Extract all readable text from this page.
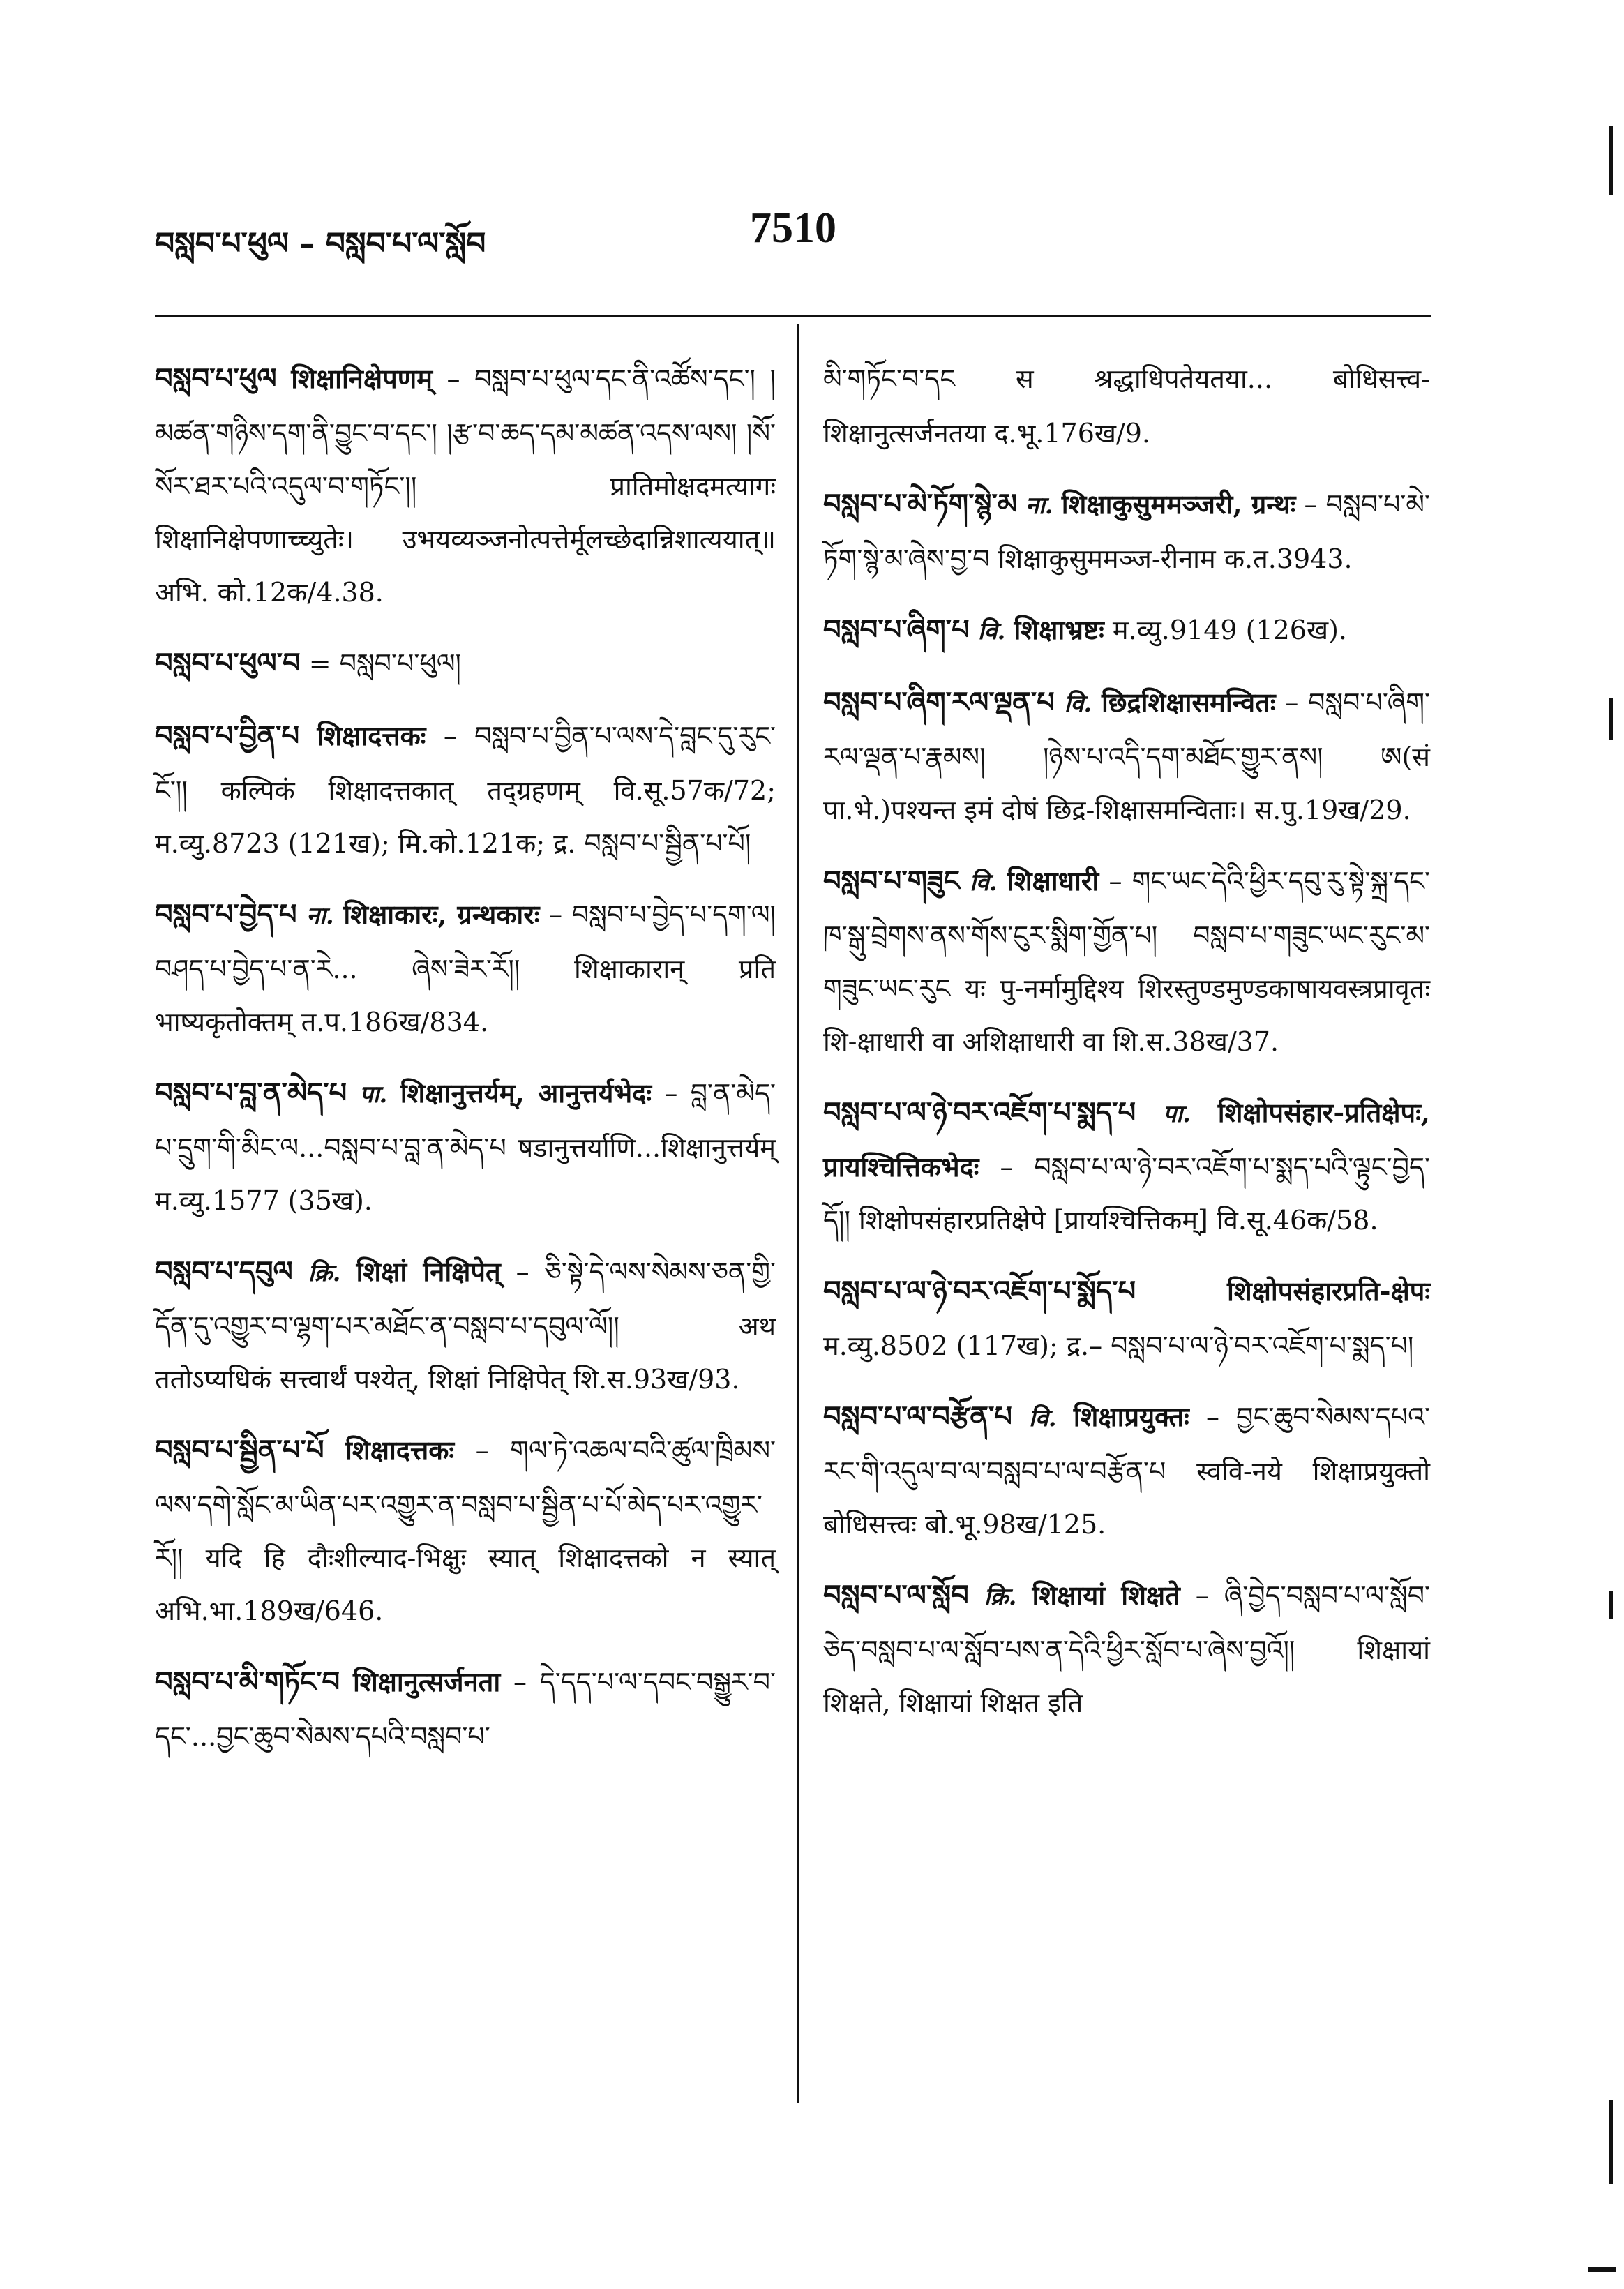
བསླབ་པ་ཕུལ – བསླབ་པ་ལ་སློབ	7510

བསླབ་པ་ཕུལ शिक्षानिक्षेपणम् – བསླབ་པ་ཕུལ་དང་ནི་འཚོས་དང་། །མཚན་གཉིས་དག་ནི་བྱུང་བ་དང་། །རྩ་བ་ཆད་དམ་མཚན་འདས་ལས། །སོ་སོར་ཐར་པའི་འདུལ་བ་གཏོང་།། प्रातिमोक्षदमत्यागः शिक्षानिक्षेपणाच्च्युतेः। उभयव्यञ्जनोत्पत्तेर्मूलच्छेदान्निशात्ययात्॥ अभि. को.12क/4.38.

བསླབ་པ་ཕུལ་བ = བསླབ་པ་ཕུལ།

བསླབ་པ་བྱིན་པ शिक्षादत्तकः – བསླབ་པ་བྱིན་པ་ལས་དེ་བླང་དུ་རུང་ངོ་།། कल्पिकं शिक्षादत्तकात् तद्ग्रहणम् वि.सू.57क/72; म.व्यु.8723 (121ख); मि.को.121क; द्र. བསླབ་པ་སྦྱིན་པ་པོ།

བསླབ་པ་བྱེད་པ ना. शिक्षाकारः, ग्रन्थकारः – བསླབ་པ་བྱེད་པ་དག་ལ། བཤད་པ་བྱེད་པ་ན་རེ... ཞེས་ཟེར་རོ།། शिक्षाकारान् प्रति भाष्यकृतोक्तम् त.प.186ख/834.

བསླབ་པ་བླ་ན་མེད་པ पा. शिक्षानुत्तर्यम्, आनुत्तर्यभेदः – བླ་ན་མེད་པ་དྲུག་གི་མིང་ལ...བསླབ་པ་བླ་ན་མེད་པ षडानुत्तर्याणि...शिक्षानुत्तर्यम् म.व्यु.1577 (35ख).

བསླབ་པ་དབུལ क्रि. शिक्षां निक्षिपेत् – ཅི་སྟེ་དེ་ལས་སེམས་ཅན་གྱི་དོན་དུ་འགྱུར་བ་ལྷག་པར་མཐོང་ན་བསླབ་པ་དབུལ་ལོ།། अथ ततोऽप्यधिकं सत्त्वार्थं पश्येत्, शिक्षां निक्षिपेत् शि.स.93ख/93.

བསླབ་པ་སྦྱིན་པ་པོ शिक्षादत्तकः – གལ་ཏེ་འཆལ་བའི་ཚུལ་ཁྲིམས་ལས་དགེ་སློང་མ་ཡིན་པར་འགྱུར་ན་བསླབ་པ་སྦྱིན་པ་པོ་མེད་པར་འགྱུར་རོ།། यदि हि दौःशील्याद-भिक्षुः स्यात् शिक्षादत्तको न स्यात् अभि.भा.189ख/646.

བསླབ་པ་མི་གཏོང་བ शिक्षानुत्सर्जनता – དེ་དད་པ་ལ་དབང་བསྒྱུར་བ་དང་...བྱང་ཆུབ་སེམས་དཔའི་བསླབ་པ་

མི་གཏོང་བ་དང स श्रद्धाधिपतेयतया... बोधिसत्त्व-शिक्षानुत्सर्जनतया द.भू.176ख/9.

བསླབ་པ་མེ་ཏོག་སྙེ་མ ना. शिक्षाकुसुममञ्जरी, ग्रन्थः – བསླབ་པ་མེ་ཏོག་སྙེ་མ་ཞེས་བྱ་བ शिक्षाकुसुममञ्ज-रीनाम क.त.3943.

བསླབ་པ་ཞིག་པ वि. शिक्षाभ्रष्टः म.व्यु.9149 (126ख).

བསླབ་པ་ཞིག་རལ་ལྡན་པ वि. छिद्रशिक्षासमन्वितः – བསླབ་པ་ཞིག་རལ་ལྡན་པ་རྣམས། །ཉེས་པ་འདི་དག་མཐོང་གྱུར་ནས། ཨ(सं पा.भे.)पश्यन्त इमं दोषं छिद्र-शिक्षासमन्विताः। स.पु.19ख/29.

བསླབ་པ་གཟུང वि. शिक्षाधारी – གང་ཡང་དེའི་ཕྱིར་དབུ་རུ་སྟེ་སྐྲ་དང་ཁ་སྒུ་བྲེགས་ནས་གོས་ངུར་སྨིག་གྱོན་པ། བསླབ་པ་གཟུང་ཡང་རུང་མ་གཟུང་ཡང་རུང यः पु-नर्मामुद्दिश्य शिरस्तुण्डमुण्डकाषायवस्त्रप्रावृतः शि-क्षाधारी वा अशिक्षाधारी वा शि.स.38ख/37.

བསླབ་པ་ལ་ཉེ་བར་འཇོག་པ་སྨད་པ पा. शिक्षोपसंहार-प्रतिक्षेपः, प्रायश्चित्तिकभेदः – བསླབ་པ་ལ་ཉེ་བར་འཇོག་པ་སྨད་པའི་ལྟུང་བྱེད་དོ།། शिक्षोपसंहारप्रतिक्षेपे [प्रायश्चित्तिकम्] वि.सू.46क/58.

བསླབ་པ་ལ་ཉེ་བར་འཇོག་པ་སྨོད་པ	शिक्षोपसंहारप्रति-क्षेपः म.व्यु.8502 (117ख); द्र.– བསླབ་པ་ལ་ཉེ་བར་འཇོག་པ་སྨད་པ།

བསླབ་པ་ལ་བརྩོན་པ वि. शिक्षाप्रयुक्तः – བྱང་ཆུབ་སེམས་དཔའ་རང་གི་འདུལ་བ་ལ་བསླབ་པ་ལ་བརྩོན་པ स्ववि-नये शिक्षाप्रयुक्तो बोधिसत्त्वः बो.भू.98ख/125.

བསླབ་པ་ལ་སློབ क्रि. शिक्षायां शिक्षते – ཞི་བྱེད་བསླབ་པ་ལ་སློབ་ཅེད་བསླབ་པ་ལ་སློབ་པས་ན་དེའི་ཕྱིར་སློབ་པ་ཞེས་བྱའོ།། शिक्षायां शिक्षते, शिक्षायां शिक्षत इति
